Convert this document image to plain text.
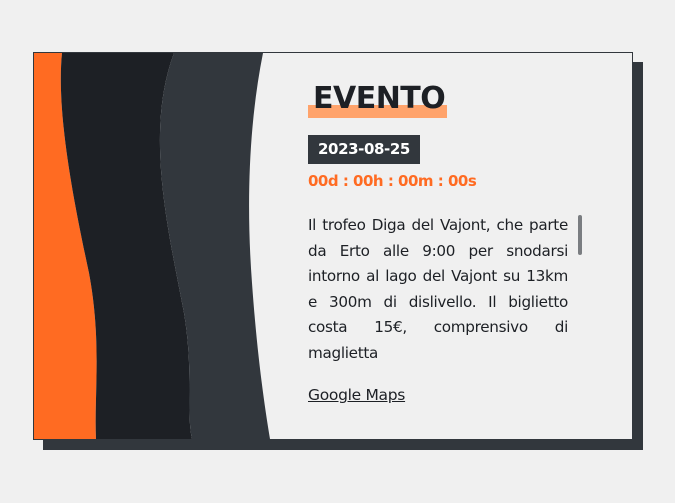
EVENTO
2023-08-25
00d : 00h : 00m : 00s

Il trofeo Diga del Vajont, che parte da Erto alle 9:00 per snodarsi intorno al lago del Vajont su 13km e 300m di dislivello. Il biglietto costa 15€, comprensivo di maglietta

Google Maps
